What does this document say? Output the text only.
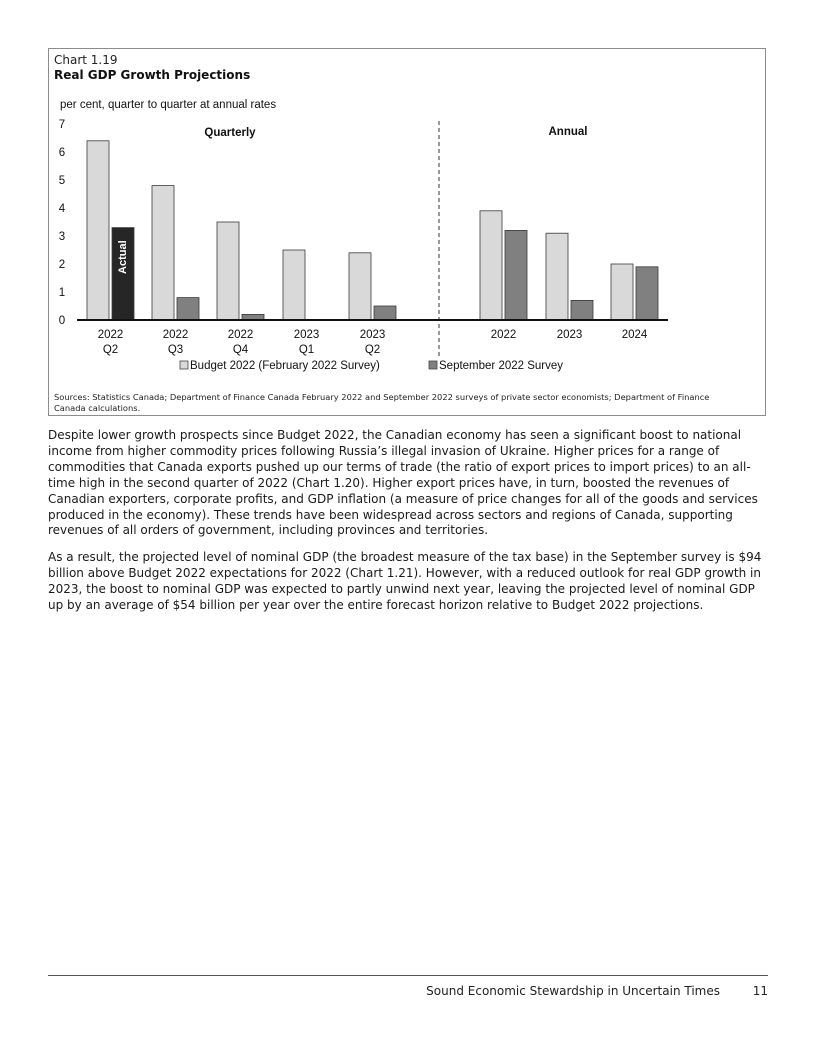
Chart 1.19
Real GDP Growth Projections
per cent, quarter to quarter at annual rates
0
1
2
3
4
5
6
7
Quarterly	Annual
Actual
2022
Q2
2022
Q3
2022
Q4
2023
Q1
2023
Q2
2022	2023	2024
Budget 2022 (February 2022 Survey)	September 2022 Survey
Sources: Statistics Canada; Department of Finance Canada February 2022 and September 2022 surveys of private sector economists; Department of Finance Canada calculations.

Despite lower growth prospects since Budget 2022, the Canadian economy has seen a significant boost to national income from higher commodity prices following Russia’s illegal invasion of Ukraine. Higher prices for a range of commodities that Canada exports pushed up our terms of trade (the ratio of export prices to import prices) to an all-time high in the second quarter of 2022 (Chart 1.20). Higher export prices have, in turn, boosted the revenues of Canadian exporters, corporate profits, and GDP inflation (a measure of price changes for all of the goods and services produced in the economy). These trends have been widespread across sectors and regions of Canada, supporting revenues of all orders of government, including provinces and territories.

As a result, the projected level of nominal GDP (the broadest measure of the tax base) in the September survey is $94 billion above Budget 2022 expectations for 2022 (Chart 1.21). However, with a reduced outlook for real GDP growth in 2023, the boost to nominal GDP was expected to partly unwind next year, leaving the projected level of nominal GDP up by an average of $54 billion per year over the entire forecast horizon relative to Budget 2022 projections.

Sound Economic Stewardship in Uncertain Times	11
